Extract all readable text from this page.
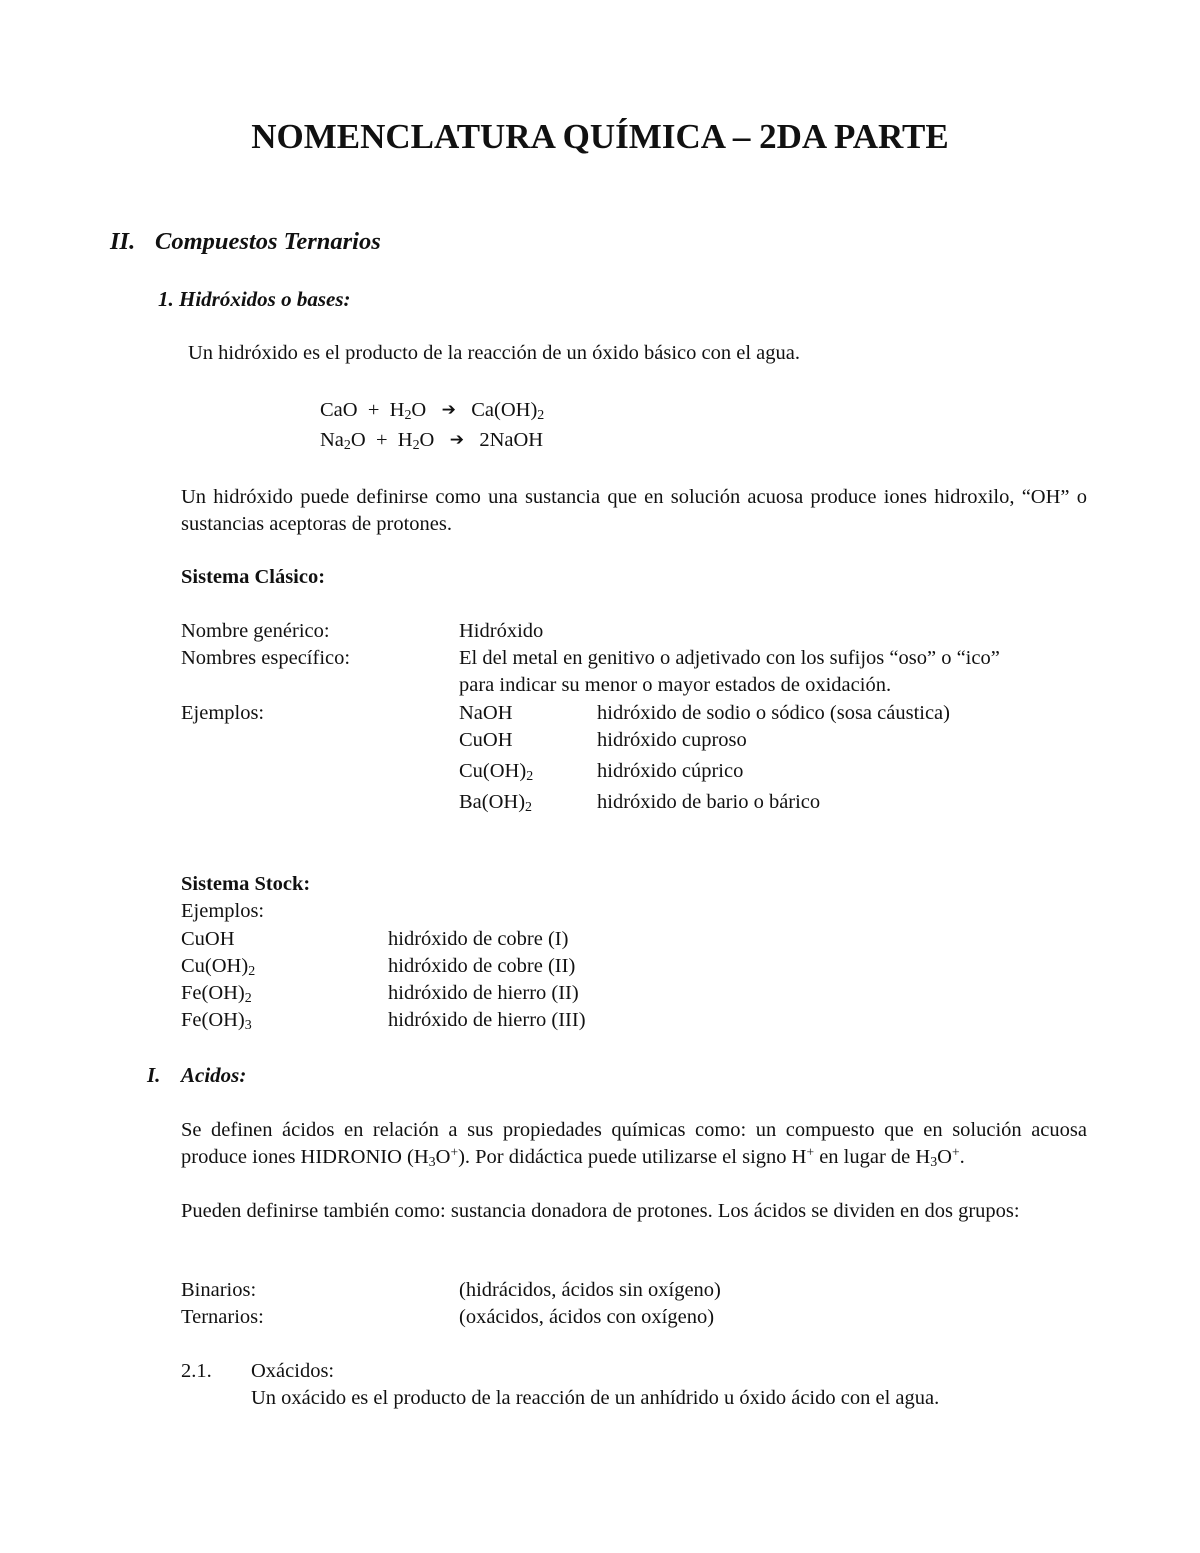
NOMENCLATURA QUÍMICA – 2DA PARTE
II. Compuestos Ternarios
1. Hidróxidos o bases:
Un hidróxido es el producto de la reacción de un óxido básico con el agua.
CaO + $H_2O$ ➔ $Ca(OH)_2$
$Na_2O + H_2O$ ➔ 2NaOH
Un hidróxido puede definirse como una sustancia que en solución acuosa produce iones hidroxilo, “OH” o sustancias aceptoras de protones.
Sistema Clásico:
Nombre genérico:	Hidróxido
Nombres específico:	El del metal en genitivo o adjetivado con los sufijos “oso” o “ico”
para indicar su menor o mayor estados de oxidación.
Ejemplos:	NaOH	hidróxido de sodio o sódico (sosa cáustica)
CuOH	hidróxido cuproso
$Cu(OH)_2$	hidróxido cúprico
$Ba(OH)_2$	hidróxido de bario o bárico
Sistema Stock:
Ejemplos:
CuOH	hidróxido de cobre (I)
$Cu(OH)_2$	hidróxido de cobre (II)
$Fe(OH)_2$	hidróxido de hierro (II)
$Fe(OH)_3$	hidróxido de hierro (III)
I. Acidos:
Se definen ácidos en relación a sus propiedades químicas como: un compuesto que en solución acuosa produce iones HIDRONIO $(H_3O^+)$. Por didáctica puede utilizarse el signo H+ en lugar de $H_3O^+$.
Pueden definirse también como: sustancia donadora de protones. Los ácidos se dividen en dos grupos:
Binarios:	(hidrácidos, ácidos sin oxígeno)
Ternarios:	(oxácidos, ácidos con oxígeno)
2.1. Oxácidos:
Un oxácido es el producto de la reacción de un anhídrido u óxido ácido con el agua.
